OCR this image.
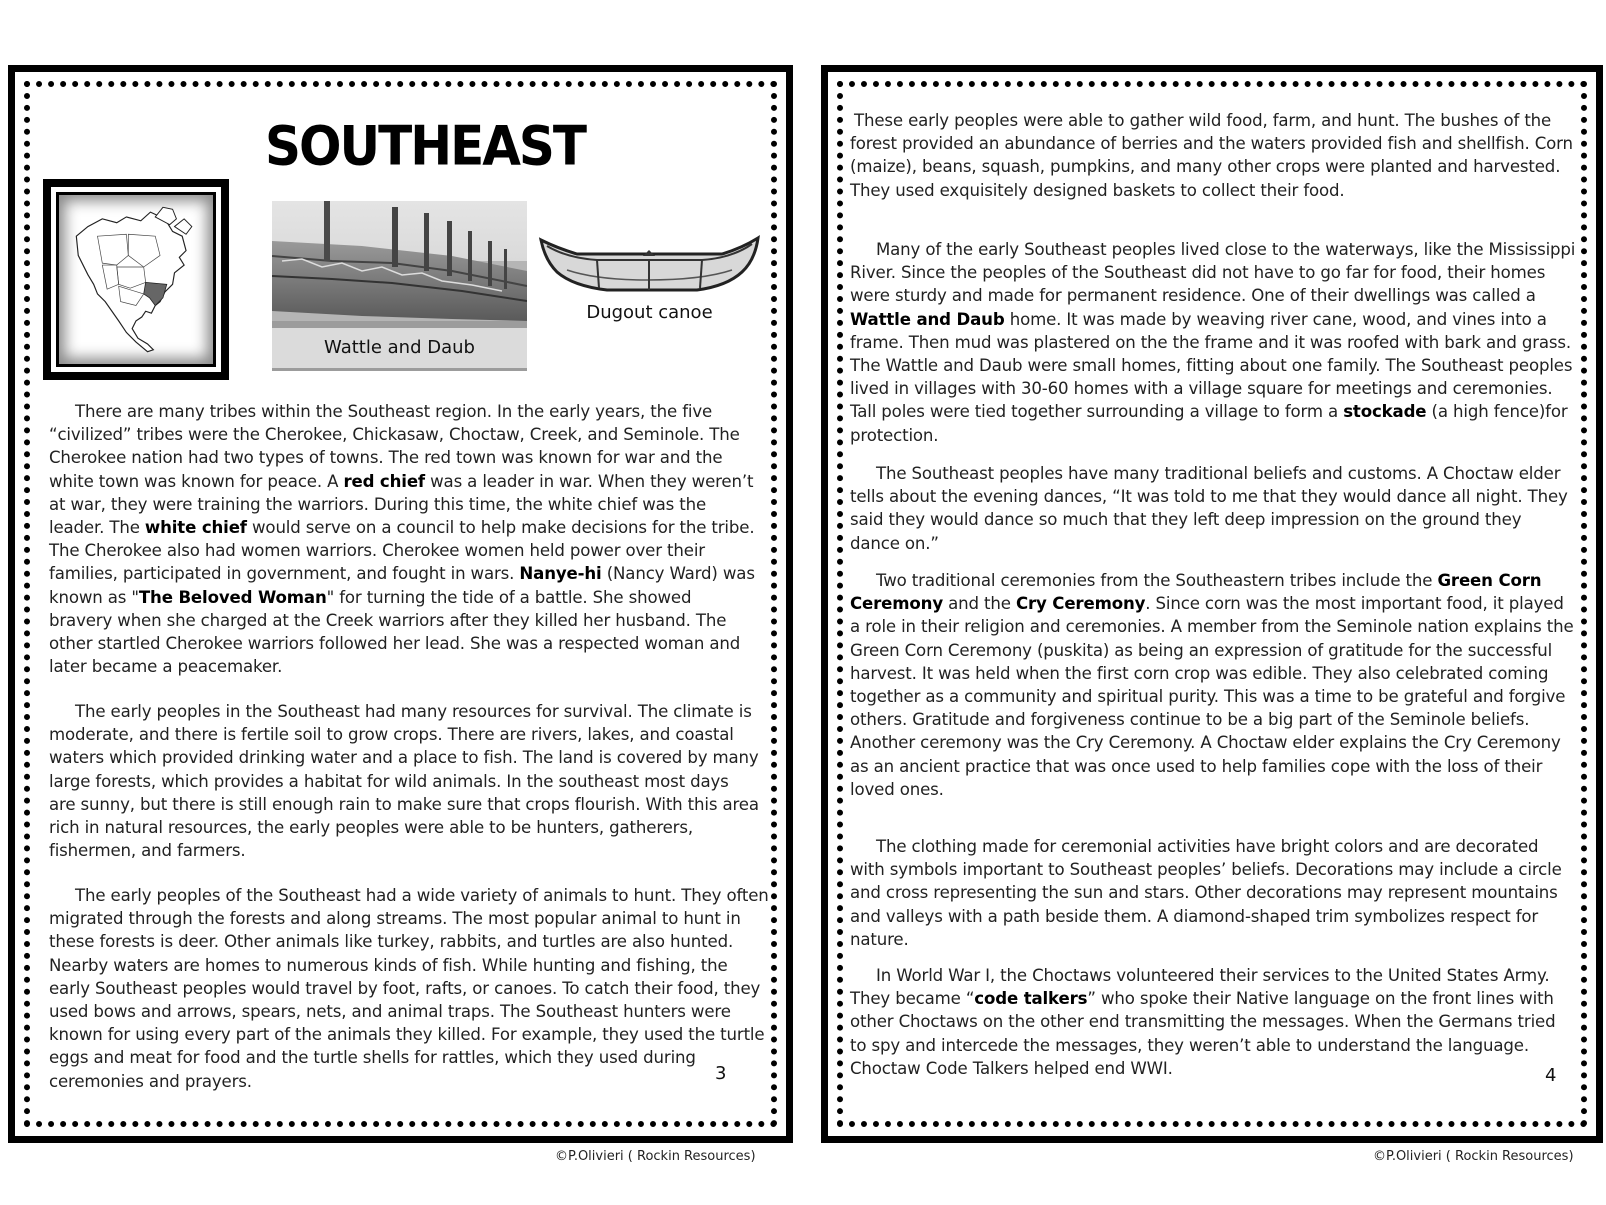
SOUTHEAST
Wattle and Daub
Dugout canoe

There are many tribes within the Southeast region. In the early years, the five “civilized” tribes were the Cherokee, Chickasaw, Choctaw, Creek, and Seminole. The Cherokee nation had two types of towns. The red town was known for war and the white town was known for peace. A red chief was a leader in war. When they weren’t at war, they were training the warriors. During this time, the white chief was the leader. The white chief would serve on a council to help make decisions for the tribe. The Cherokee also had women warriors. Cherokee women held power over their families, participated in government, and fought in wars. Nanye-hi (Nancy Ward) was known as "The Beloved Woman" for turning the tide of a battle. She showed bravery when she charged at the Creek warriors after they killed her husband. The other startled Cherokee warriors followed her lead. She was a respected woman and later became a peacemaker.

The early peoples in the Southeast had many resources for survival. The climate is moderate, and there is fertile soil to grow crops. There are rivers, lakes, and coastal waters which provided drinking water and a place to fish. The land is covered by many large forests, which provides a habitat for wild animals. In the southeast most days are sunny, but there is still enough rain to make sure that crops flourish. With this area rich in natural resources, the early peoples were able to be hunters, gatherers, fishermen, and farmers.

The early peoples of the Southeast had a wide variety of animals to hunt. They often migrated through the forests and along streams. The most popular animal to hunt in these forests is deer. Other animals like turkey, rabbits, and turtles are also hunted. Nearby waters are homes to numerous kinds of fish. While hunting and fishing, the early Southeast peoples would travel by foot, rafts, or canoes. To catch their food, they used bows and arrows, spears, nets, and animal traps. The Southeast hunters were known for using every part of the animals they killed. For example, they used the turtle eggs and meat for food and the turtle shells for rattles, which they used during ceremonies and prayers.	3
©P.Olivieri ( Rockin Resources)

These early peoples were able to gather wild food, farm, and hunt. The bushes of the forest provided an abundance of berries and the waters provided fish and shellfish. Corn (maize), beans, squash, pumpkins, and many other crops were planted and harvested. They used exquisitely designed baskets to collect their food.

Many of the early Southeast peoples lived close to the waterways, like the Mississippi River. Since the peoples of the Southeast did not have to go far for food, their homes were sturdy and made for permanent residence. One of their dwellings was called a Wattle and Daub home. It was made by weaving river cane, wood, and vines into a frame. Then mud was plastered on the the frame and it was roofed with bark and grass. The Wattle and Daub were small homes, fitting about one family. The Southeast peoples lived in villages with 30-60 homes with a village square for meetings and ceremonies. Tall poles were tied together surrounding a village to form a stockade (a high fence)for protection.

The Southeast peoples have many traditional beliefs and customs. A Choctaw elder tells about the evening dances, “It was told to me that they would dance all night. They said they would dance so much that they left deep impression on the ground they dance on.”

Two traditional ceremonies from the Southeastern tribes include the Green Corn Ceremony and the Cry Ceremony. Since corn was the most important food, it played a role in their religion and ceremonies. A member from the Seminole nation explains the Green Corn Ceremony (puskita) as being an expression of gratitude for the successful harvest. It was held when the first corn crop was edible. They also celebrated coming together as a community and spiritual purity. This was a time to be grateful and forgive others. Gratitude and forgiveness continue to be a big part of the Seminole beliefs. Another ceremony was the Cry Ceremony. A Choctaw elder explains the Cry Ceremony as an ancient practice that was once used to help families cope with the loss of their loved ones.

The clothing made for ceremonial activities have bright colors and are decorated with symbols important to Southeast peoples’ beliefs. Decorations may include a circle and cross representing the sun and stars. Other decorations may represent mountains and valleys with a path beside them. A diamond-shaped trim symbolizes respect for nature.

In World War I, the Choctaws volunteered their services to the United States Army. They became “code talkers” who spoke their Native language on the front lines with other Choctaws on the other end transmitting the messages. When the Germans tried to spy and intercede the messages, they weren’t able to understand the language. Choctaw Code Talkers helped end WWI.	4
©P.Olivieri ( Rockin Resources)
